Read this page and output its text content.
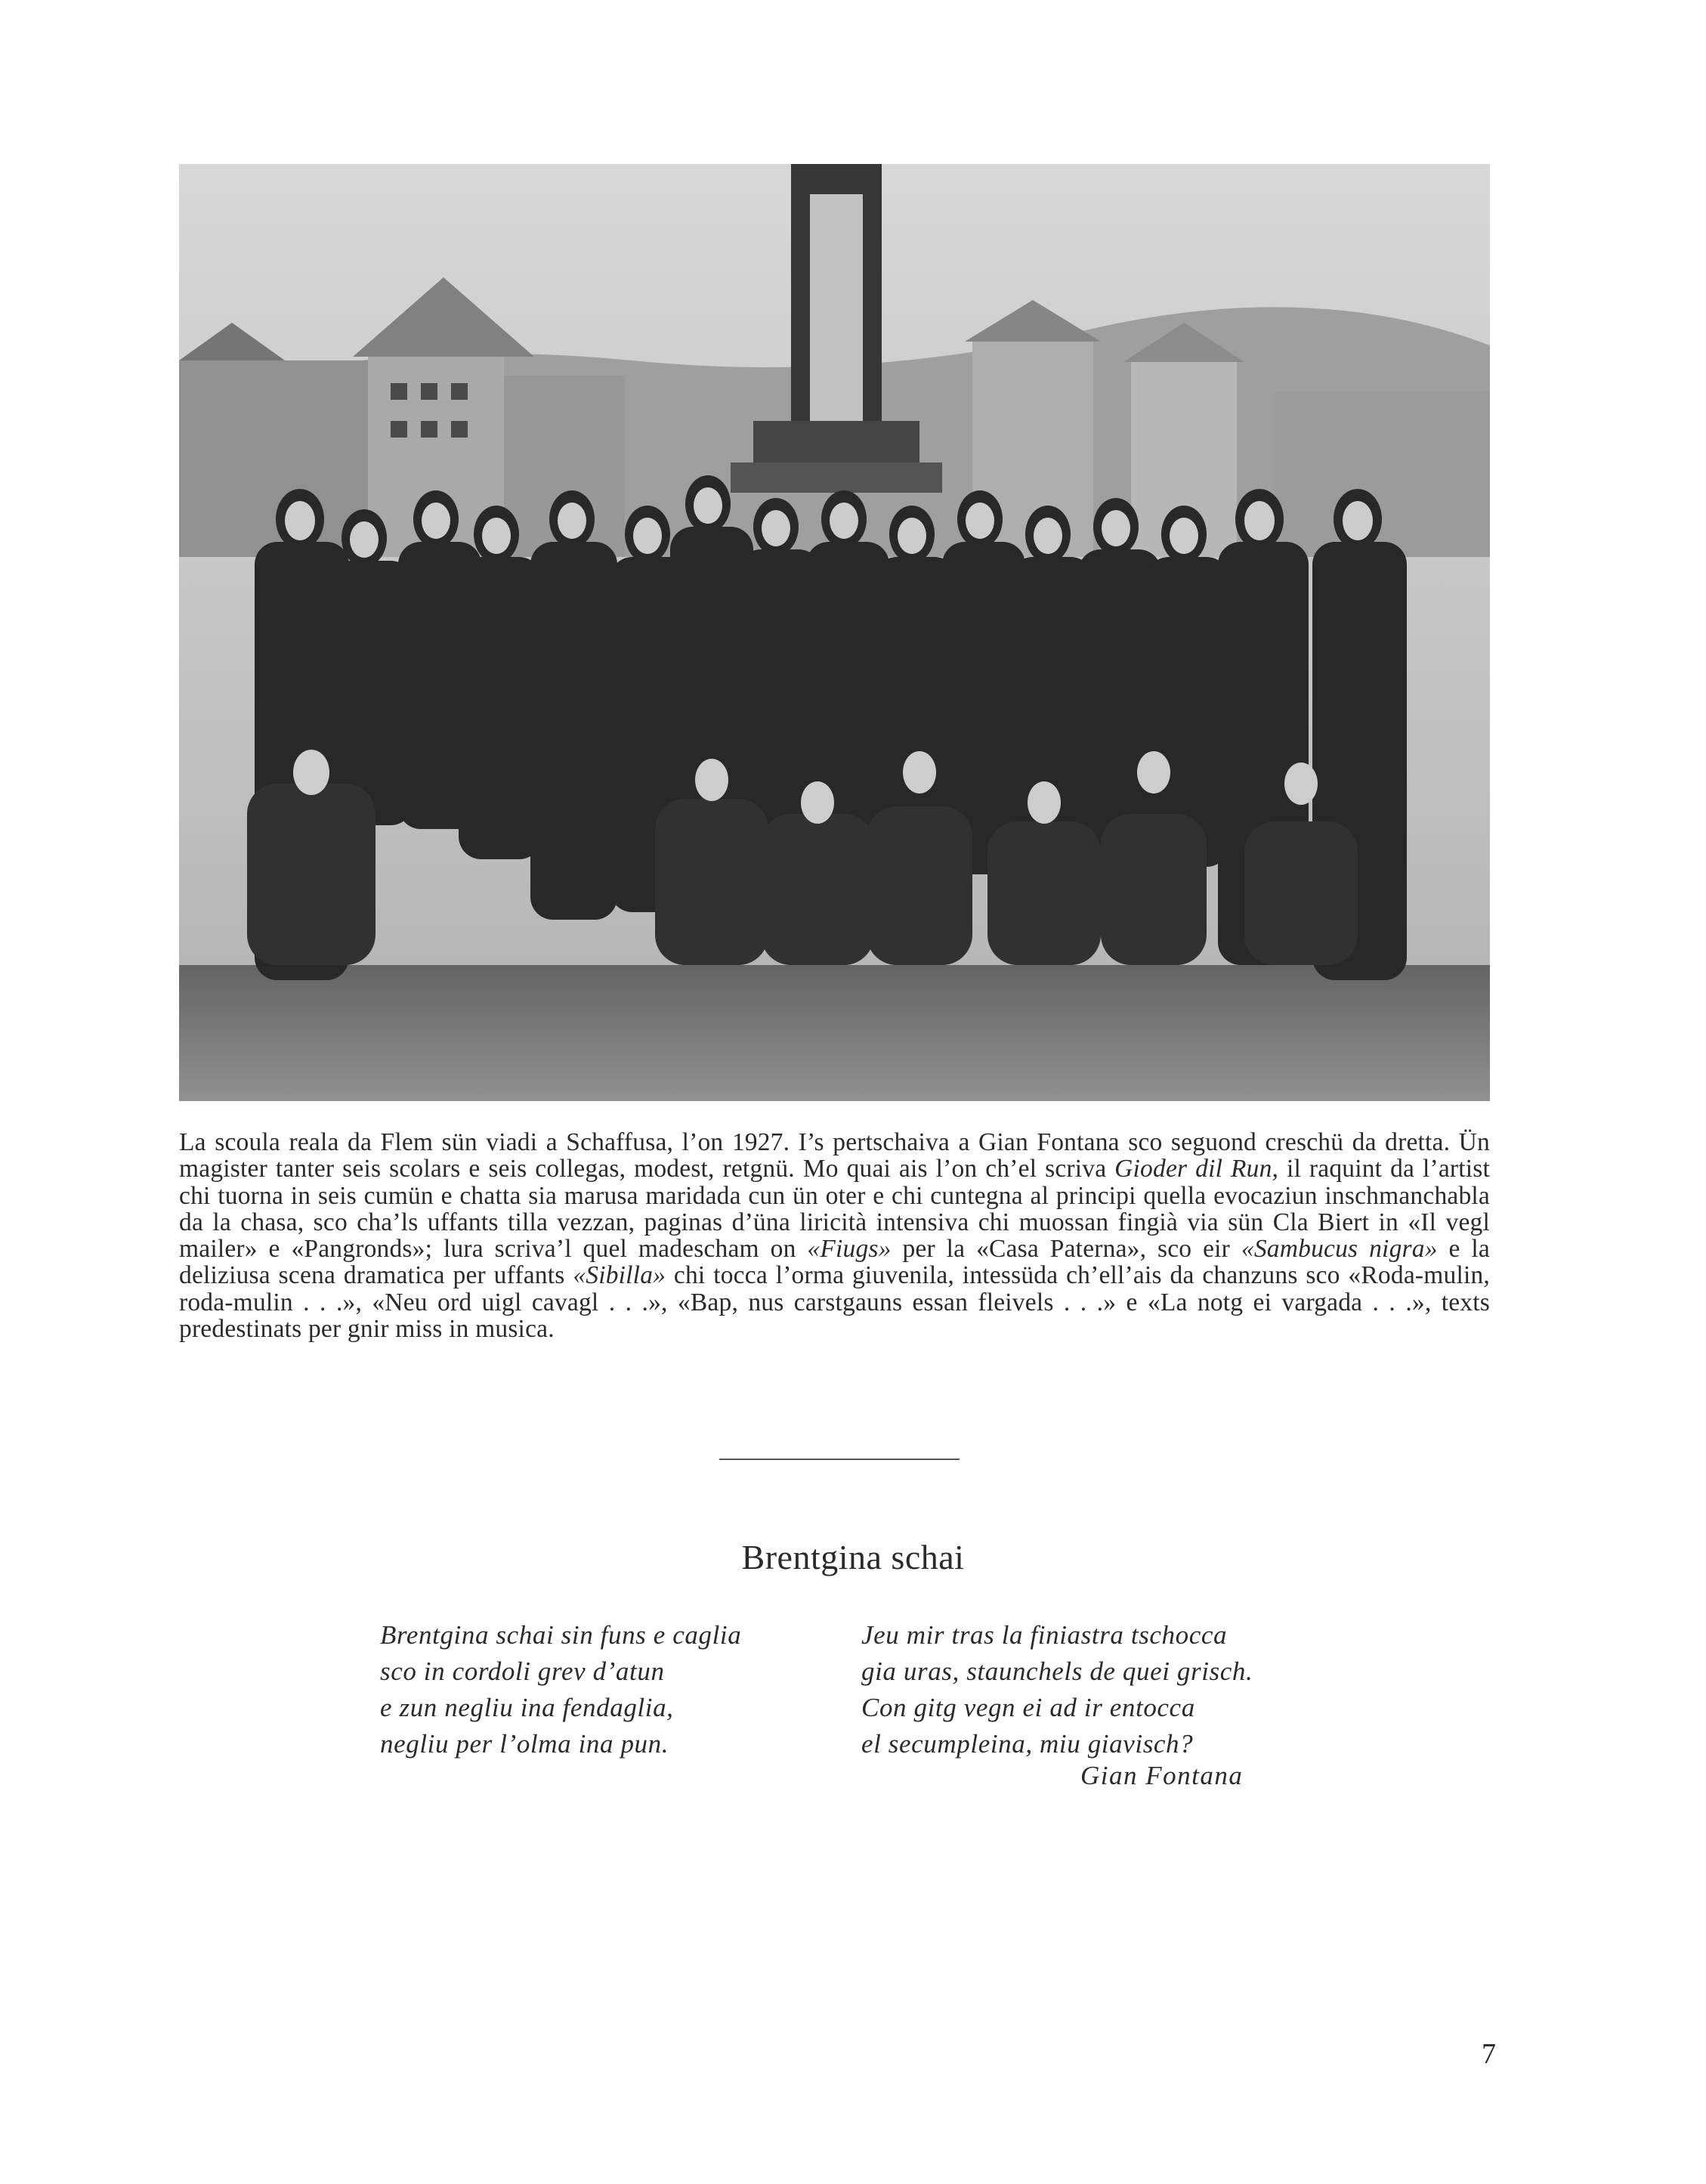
La scoula reala da Flem sün viadi a Schaffusa, l’on 1927. I’s pertschaiva a Gian Fontana sco seguond creschü da dretta. Ün magister tanter seis scolars e seis collegas, modest, retgnü. Mo quai ais l’on ch’el scriva Gioder dil Run, il raquint da l’artist chi tuorna in seis cumün e chatta sia marusa maridada cun ün oter e chi cuntegna al principi quella evocaziun inschmanchabla da la chasa, sco cha’ls uffants tilla vezzan, paginas d’üna liricità intensiva chi muossan fingià via sün Cla Biert in «Il vegl mailer» e «Pangronds»; lura scriva’l quel madescham on «Fiugs» per la «Casa Paterna», sco eir «Sambucus nigra» e la deliziusa scena dramatica per uffants «Sibilla» chi tocca l’orma giuvenila, intessüda ch’ell’ais da chanzuns sco «Roda-mulin, roda-mulin . . .», «Neu ord uigl cavagl . . .», «Bap, nus carstgauns essan fleivels . . .» e «La notg ei vargada . . .», texts predestinats per gnir miss in musica.

Brentgina schai
Brentgina schai sin funs e caglia
sco in cordoli grev d’atun
e zun negliu ina fendaglia,
negliu per l’olma ina pun.
Jeu mir tras la finiastra tschocca
gia uras, staunchels de quei grisch.
Con gitg vegn ei ad ir entocca
el secumpleina, miu giavisch?
Gian Fontana
7
